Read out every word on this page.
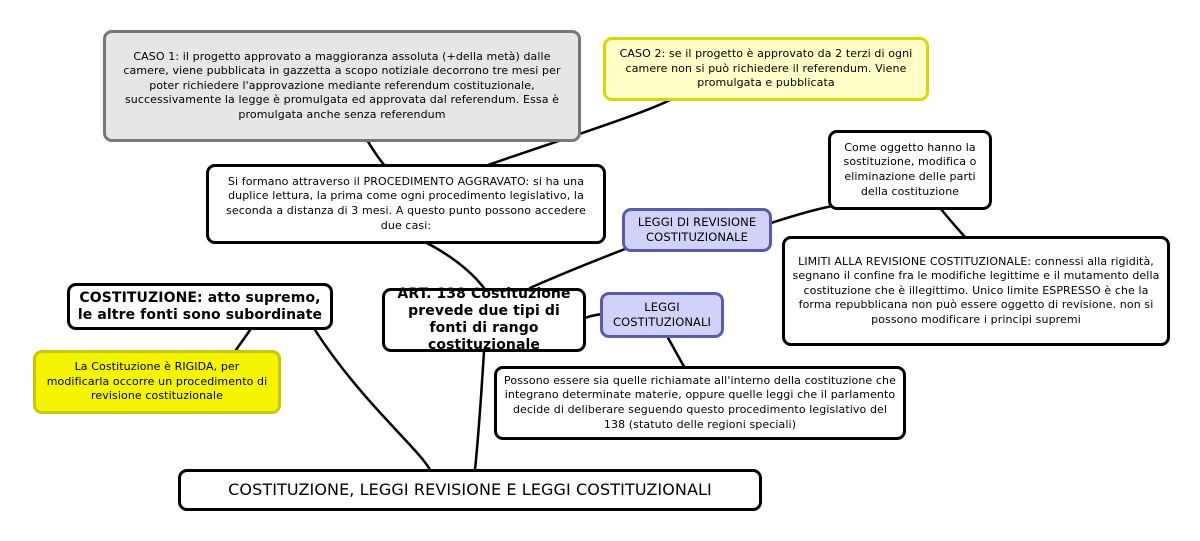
CASO 1: il progetto approvato a maggioranza assoluta (+della metà) dalle camere, viene pubblicata in gazzetta a scopo notiziale decorrono tre mesi per poter richiedere l'approvazione mediante referendum costituzionale, successivamente la legge è promulgata ed approvata dal referendum. Essa è promulgata anche senza referendum
CASO 2: se il progetto è approvato da 2 terzi di ogni camere non si può richiedere il referendum. Viene promulgata e pubblicata
Come oggetto hanno la sostituzione, modifica o eliminazione delle parti della costituzione
Si formano attraverso il PROCEDIMENTO AGGRAVATO: si ha una duplice lettura, la prima come ogni procedimento legislativo, la seconda a distanza di 3 mesi. A questo punto possono accedere due casi:	LEGGI DI REVISIONE COSTITUZIONALE
LIMITI ALLA REVISIONE COSTITUZIONALE: connessi alla rigidità, segnano il confine fra le modifiche legittime e il mutamento della costituzione che è illegittimo. Unico limite ESPRESSO è che la forma repubblicana non può essere oggetto di revisione. non si possono modificare i principi supremi
COSTITUZIONE: atto supremo, le altre fonti sono subordinate
ART. 138 Costituzione prevede due tipi di fonti di rango costituzionale
LEGGI COSTITUZIONALI
La Costituzione è RIGIDA, per modificarla occorre un procedimento di revisione costituzionale
Possono essere sia quelle richiamate all'interno della costituzione che integrano determinate materie, oppure quelle leggi che il parlamento decide di deliberare seguendo questo procedimento legislativo del 138 (statuto delle regioni speciali)
COSTITUZIONE, LEGGI REVISIONE E LEGGI COSTITUZIONALI
